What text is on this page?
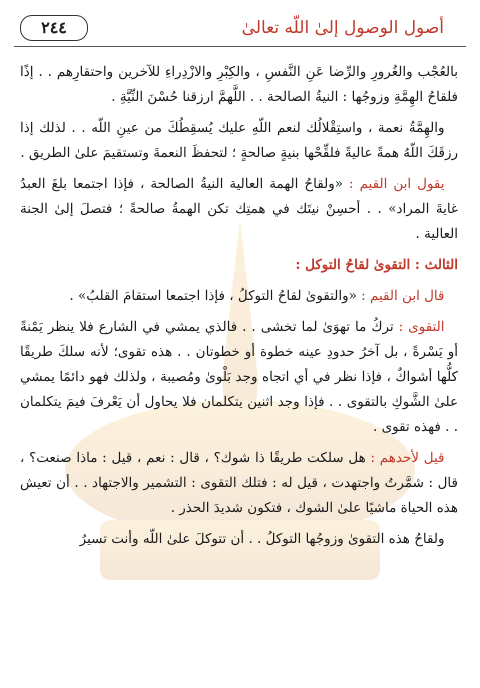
أصول الوصول إلىٰ اللّه تعالىٰ
٢٤٤

بالعُجْب والغُرورِ والرِّضا عَنِ النَّفسِ ، والكِبْرِ والازْدِراءِ للآخرين واحتقارِهم . . إذًا فلقاحُ الهِمَّةِ وزوجُها : النيةُ الصالحة . . اللَّهمَّ ارزقنا حُسْنَ النِّيَّةِ .

 والهِمَّةُ نعمة ، واستِقْلالُك لنعم اللّهِ عليك يُسقِطُكَ من عينِ اللّه . . لذلك إذا رزقَكَ اللّهُ همةً عاليةً فلقِّحْها بنيةٍ صالحةٍ ؛ لتحفظَ النعمةَ وتستقيمَ علىٰ الطريق .

 يقول ابن القيم : «ولقاحُ الهمة العالية النيةُ الصالحة ، فإذا اجتمعا بلغَ العبدُ غايةَ المراد» . . أحسِنْ نيتَك في همتِك تكن الهمةُ صالحةً ؛ فتصلَ إلىٰ الجنة العالية .

الثالث : التقوىٰ لقاحُ التوكل :

 قال ابن القيم : «والتقوىٰ لقاحُ التوكلُ ، فإذا اجتمعا استقامَ القلبُ» .

 التقوى : تركُ ما تهوَىٰ لما تخشى . . فالذي يمشي في الشارع فلا ينظر يَمْنةً أو يَسْرةً ، بل آخرُ حدودِ عينه خطوة أو خطوتان . . هذه تقوى؛ لأنه سلكَ طريقًا كلُّها أشواكٌ ، فإذا نظر في أي اتجاه وجد بَلْوىٰ ومُصيبة ، ولذلك فهو دائمًا يمشي علىٰ الشَّوكِ بالتقوى . . فإذا وجد اثنين يتكلمان فلا يحاول أن يَعْرفَ فيمَ يتكلمان . . فهذه تقوى .

 قيل لأحدهم : هل سلكت طريقًا ذا شوك؟ ، قال : نعم ، قيل : ماذا صنعت؟ ، قال : شمَّرتُ واجتهدت ، قيل له : فتلك التقوى : التشمير والاجتهاد . . أن تعيش هذه الحياة ماشيًا علىٰ الشوك ، فتكون شديدَ الحذر .

 ولقاحُ هذه التقوىٰ وزوجُها التوكلُ . . أن تتوكلَ علىٰ اللّه وأنت تسيرُ
